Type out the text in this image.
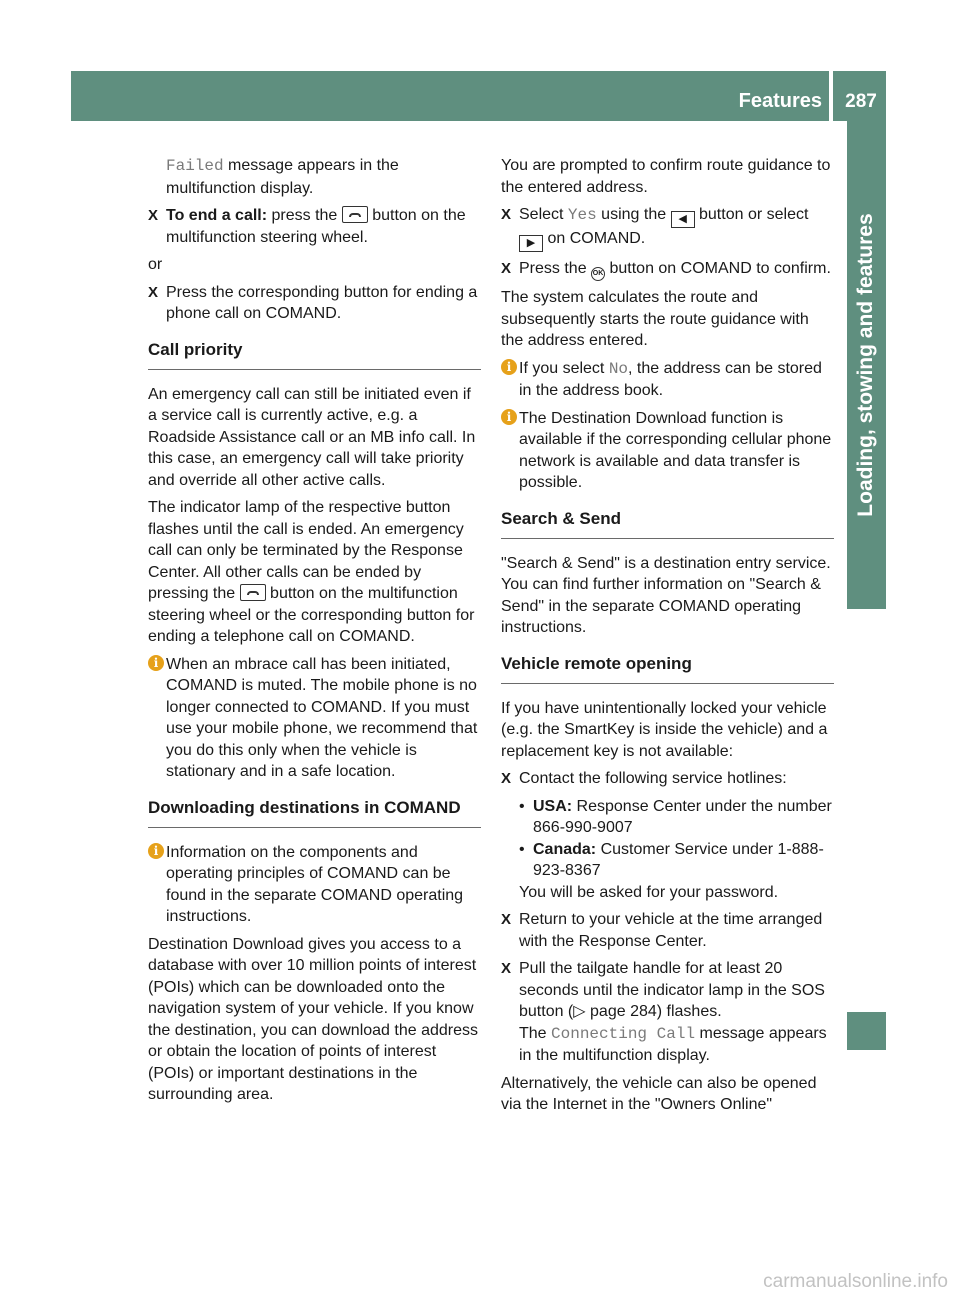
Features	287
Loading, stowing and features

Failed message appears in the multifunction display.

X To end a call: press the  button on the multifunction steering wheel.

or

X Press the corresponding button for ending a phone call on COMAND.
Call priority

An emergency call can still be initiated even if a service call is currently active, e.g. a Roadside Assistance call or an MB info call. In this case, an emergency call will take priority and override all other active calls.

The indicator lamp of the respective button flashes until the call is ended. An emergency call can only be terminated by the Response Center. All other calls can be ended by pressing the  button on the multifunction steering wheel or the corresponding button for ending a telephone call on COMAND.

i When an mbrace call has been initiated, COMAND is muted. The mobile phone is no longer connected to COMAND. If you must use your mobile phone, we recommend that you do this only when the vehicle is stationary and in a safe location.
Downloading destinations in COMAND
i Information on the components and operating principles of COMAND can be found in the separate COMAND operating instructions.

Destination Download gives you access to a database with over 10 million points of interest (POIs) which can be downloaded onto the navigation system of your vehicle. If you know the destination, you can download the address or obtain the location of points of interest (POIs) or important destinations in the surrounding area.

You are prompted to confirm route guidance to the entered address.

X Select Yes using the ◀ button or select ▶ on COMAND.
X Press the OK button on COMAND to confirm.

The system calculates the route and subsequently starts the route guidance with the address entered.

i If you select No, the address can be stored in the address book.
i The Destination Download function is available if the corresponding cellular phone network is available and data transfer is possible.
Search & Send

"Search & Send" is a destination entry service. You can find further information on "Search & Send" in the separate COMAND operating instructions.

Vehicle remote opening

If you have unintentionally locked your vehicle (e.g. the SmartKey is inside the vehicle) and a replacement key is not available:

X Contact the following service hotlines:
• USA: Response Center under the number 866-990-9007
• Canada: Customer Service under 1-888-923-8367

You will be asked for your password.

X Return to your vehicle at the time arranged with the Response Center.
X Pull the tailgate handle for at least 20 seconds until the indicator lamp in the SOS button (▷ page 284) flashes.
The Connecting Call message appears in the multifunction display.

Alternatively, the vehicle can also be opened via the Internet in the "Owners Online"

carmanualsonline.info
